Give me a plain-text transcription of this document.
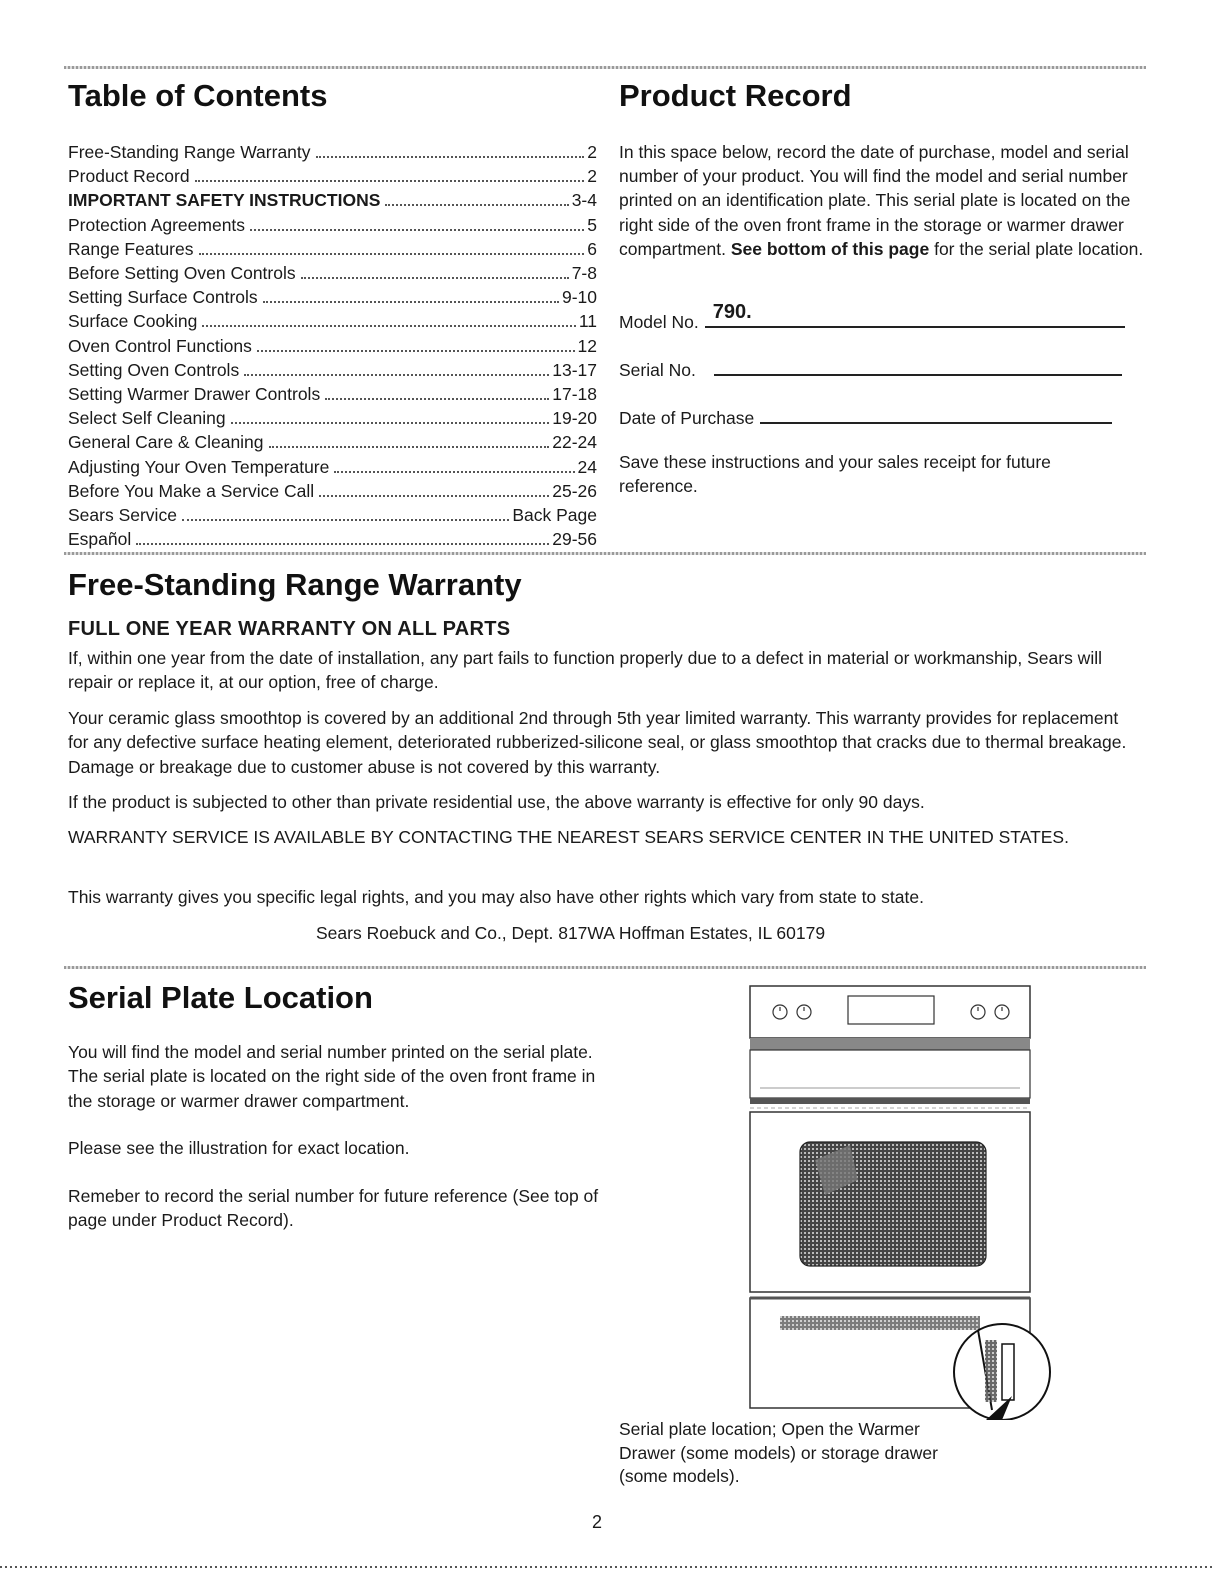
Table of Contents
Free-Standing Range Warranty	2
Product Record	2
IMPORTANT SAFETY INSTRUCTIONS	3-4
Protection Agreements	5
Range Features	6
Before Setting Oven Controls	7-8
Setting Surface Controls	9-10
Surface Cooking	11
Oven Control Functions	12
Setting Oven Controls	13-17
Setting Warmer Drawer Controls	17-18
Select Self Cleaning	19-20
General Care & Cleaning	22-24
Adjusting Your Oven Temperature	24
Before You Make a Service Call	25-26
Sears Service	Back Page
Español	29-56
Product Record

In this space below, record the date of purchase, model and serial number of your product. You will find the model and serial number printed on an identification plate. This serial plate is located on the right side of the oven front frame in the storage or warmer drawer compartment. See bottom of this page for the serial plate location.

Model No. 790.
Serial No.
Date of Purchase

Save these instructions and your sales receipt for future reference.

Free-Standing Range Warranty
FULL ONE YEAR WARRANTY ON ALL PARTS

If, within one year from the date of installation, any part fails to function properly due to a defect in material or workmanship, Sears will repair or replace it, at our option, free of charge.

Your ceramic glass smoothtop is covered by an additional 2nd through 5th year limited warranty. This warranty provides for replacement for any defective surface heating element, deteriorated rubberized-silicone seal, or glass smoothtop that cracks due to thermal breakage. Damage or breakage due to customer abuse is not covered by this warranty.

If the product is subjected to other than private residential use, the above warranty is effective for only 90 days.

WARRANTY SERVICE IS AVAILABLE BY CONTACTING THE NEAREST SEARS SERVICE CENTER IN THE UNITED STATES.

This warranty gives you specific legal rights, and you may also have other rights which vary from state to state.

Sears Roebuck and Co., Dept. 817WA Hoffman Estates, IL 60179

Serial Plate Location

You will find the model and serial number printed on the serial plate. The serial plate is located on the right side of the oven front frame in the storage or warmer drawer compartment.

Please see the illustration for exact location.

Remeber to record the serial number for future reference (See top of page under Product Record).

Serial plate location; Open the Warmer Drawer (some models) or storage drawer (some models).

2
